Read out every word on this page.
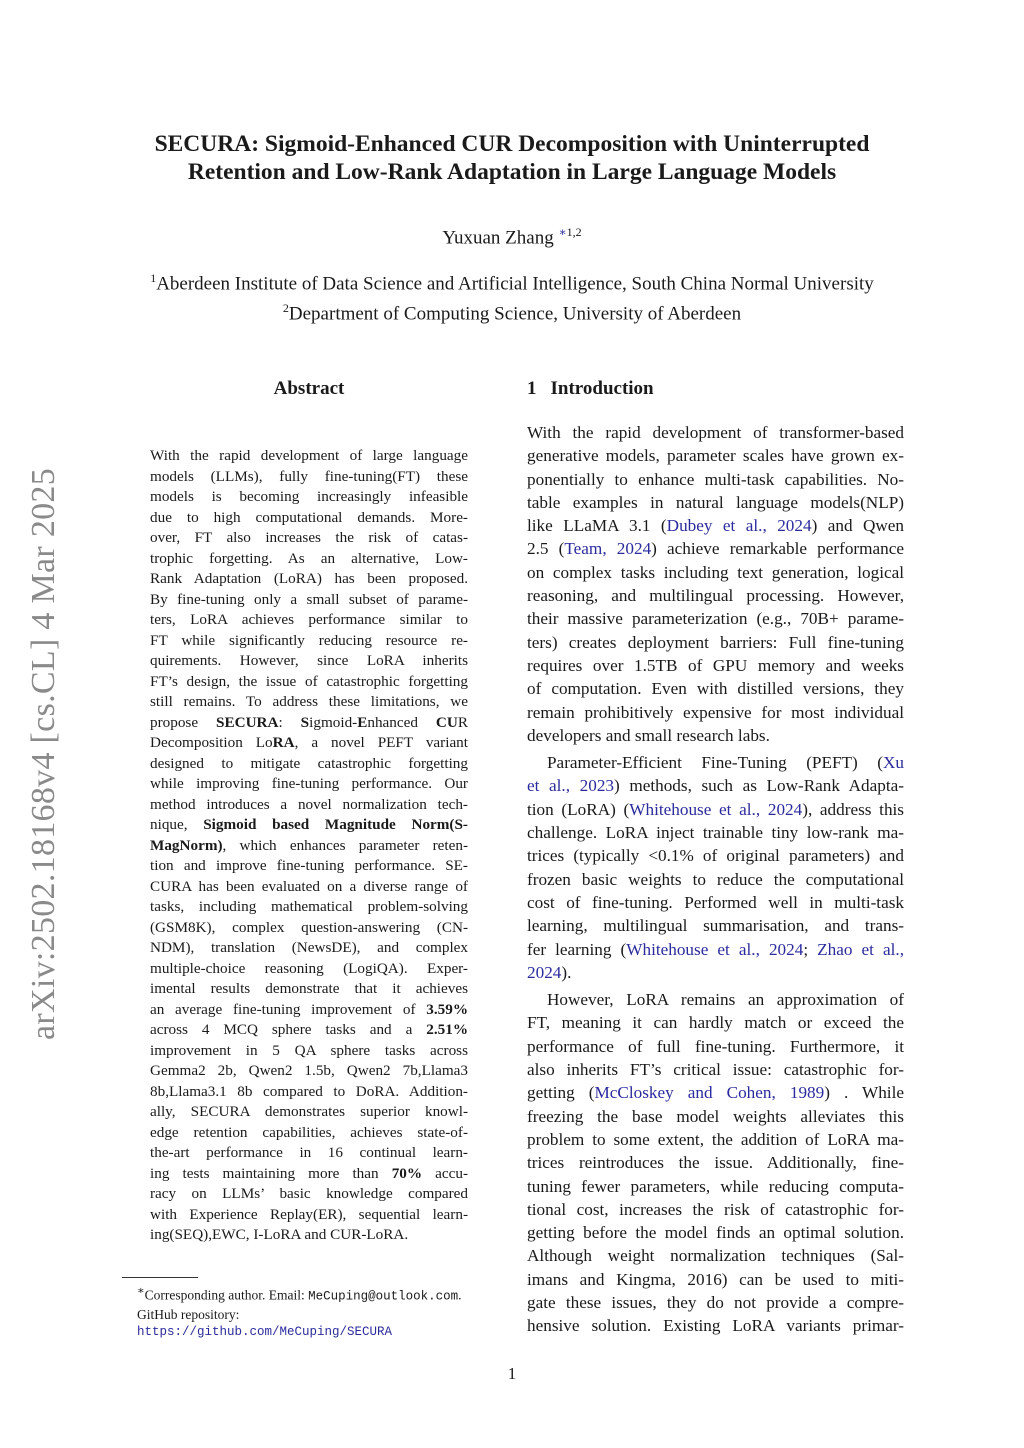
arXiv:2502.18168v4 [cs.CL] 4 Mar 2025
SECURA: Sigmoid-Enhanced CUR Decomposition with Uninterrupted
Retention and Low-Rank Adaptation in Large Language Models
Yuxuan Zhang $^{∗1,2}$
$^1$Aberdeen Institute of Data Science and Artificial Intelligence, South China Normal University
$^2$Department of Computing Science, University of Aberdeen
Abstract
With the rapid development of large language
models (LLMs), fully fine-tuning(FT) these
models is becoming increasingly infeasible
due to high computational demands. More-
over, FT also increases the risk of catas-
trophic forgetting. As an alternative, Low-
Rank Adaptation (LoRA) has been proposed.
By fine-tuning only a small subset of parame-
ters, LoRA achieves performance similar to
FT while significantly reducing resource re-
quirements. However, since LoRA inherits
FT’s design, the issue of catastrophic forgetting
still remains. To address these limitations, we
propose SECURA: Sigmoid-Enhanced CUR
Decomposition LoRA, a novel PEFT variant
designed to mitigate catastrophic forgetting
while improving fine-tuning performance. Our
method introduces a novel normalization tech-
nique, Sigmoid based Magnitude Norm(S-
MagNorm), which enhances parameter reten-
tion and improve fine-tuning performance. SE-
CURA has been evaluated on a diverse range of
tasks, including mathematical problem-solving
(GSM8K), complex question-answering (CN-
NDM), translation (NewsDE), and complex
multiple-choice reasoning (LogiQA). Exper-
imental results demonstrate that it achieves
an average fine-tuning improvement of 3.59%
across 4 MCQ sphere tasks and a 2.51%
improvement in 5 QA sphere tasks across
Gemma2 2b, Qwen2 1.5b, Qwen2 7b,Llama3
8b,Llama3.1 8b compared to DoRA. Addition-
ally, SECURA demonstrates superior knowl-
edge retention capabilities, achieves state-of-
the-art performance in 16 continual learn-
ing tests maintaining more than 70% accu-
racy on LLMs’ basic knowledge compared
with Experience Replay(ER), sequential learn-
ing(SEQ),EWC, I-LoRA and CUR-LoRA.
∗Corresponding author. Email: MeCuping@outlook.com.
GitHub repository:
https://github.com/MeCuping/SECURA
1 Introduction
With the rapid development of transformer-based
generative models, parameter scales have grown ex-
ponentially to enhance multi-task capabilities. No-
table examples in natural language models(NLP)
like LLaMA 3.1 (Dubey et al., 2024) and Qwen
2.5 (Team, 2024) achieve remarkable performance
on complex tasks including text generation, logical
reasoning, and multilingual processing. However,
their massive parameterization (e.g., 70B+ parame-
ters) creates deployment barriers: Full fine-tuning
requires over 1.5TB of GPU memory and weeks
of computation. Even with distilled versions, they
remain prohibitively expensive for most individual
developers and small research labs.
Parameter-Efficient Fine-Tuning (PEFT) (Xu
et al., 2023) methods, such as Low-Rank Adapta-
tion (LoRA) (Whitehouse et al., 2024), address this
challenge. LoRA inject trainable tiny low-rank ma-
trices (typically <0.1% of original parameters) and
frozen basic weights to reduce the computational
cost of fine-tuning. Performed well in multi-task
learning, multilingual summarisation, and trans-
fer learning (Whitehouse et al., 2024; Zhao et al.,
2024).
However, LoRA remains an approximation of
FT, meaning it can hardly match or exceed the
performance of full fine-tuning. Furthermore, it
also inherits FT’s critical issue: catastrophic for-
getting (McCloskey and Cohen, 1989) . While
freezing the base model weights alleviates this
problem to some extent, the addition of LoRA ma-
trices reintroduces the issue. Additionally, fine-
tuning fewer parameters, while reducing computa-
tional cost, increases the risk of catastrophic for-
getting before the model finds an optimal solution.
Although weight normalization techniques (Sal-
imans and Kingma, 2016) can be used to miti-
gate these issues, they do not provide a compre-
hensive solution. Existing LoRA variants primar-
1
